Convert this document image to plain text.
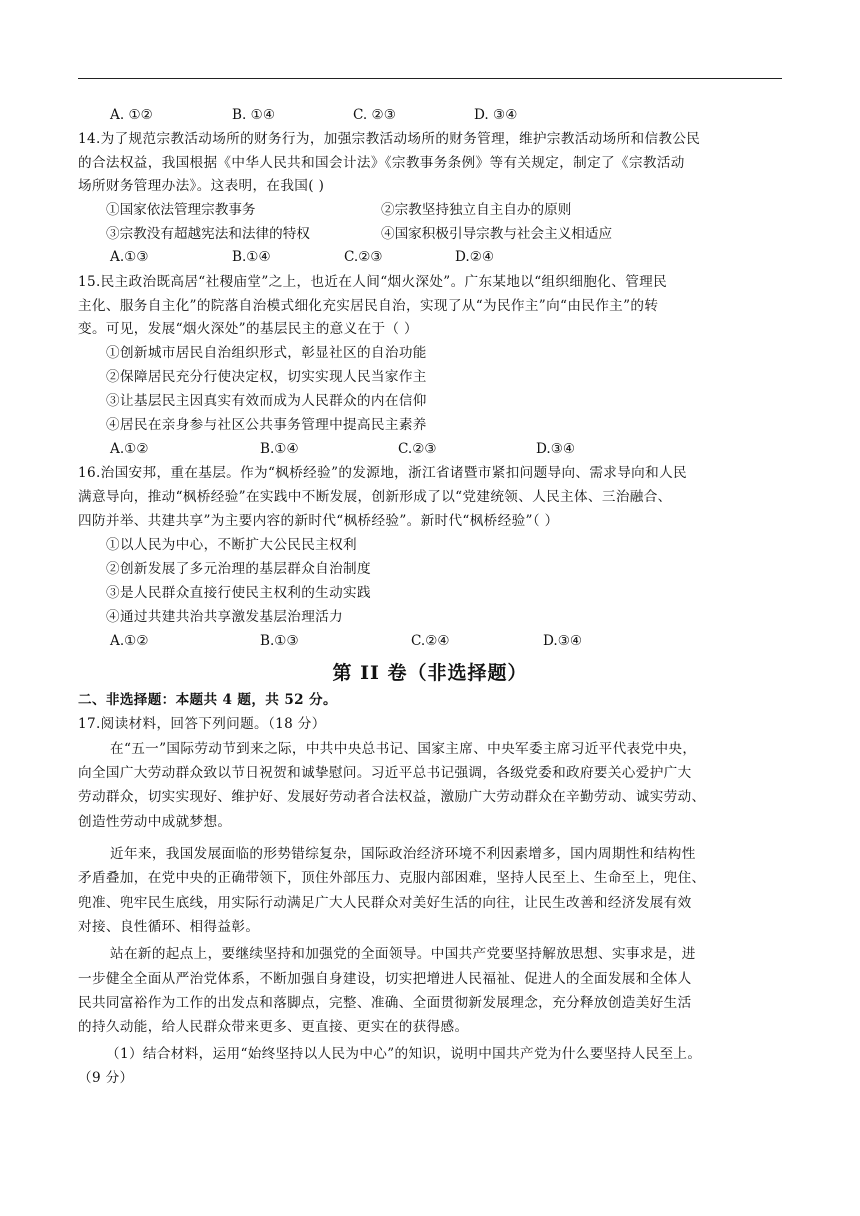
A. ①②	B. ①④	C. ②③	D. ③④
14.为了规范宗教活动场所的财务行为，加强宗教活动场所的财务管理，维护宗教活动场所和信教公民
的合法权益，我国根据《中华人民共和国会计法》《宗教事务条例》等有关规定，制定了《宗教活动
场所财务管理办法》。这表明，在我国( )
①国家依法管理宗教事务	②宗教坚持独立自主自办的原则
③宗教没有超越宪法和法律的特权	④国家积极引导宗教与社会主义相适应
A.①③	B.①④	C.②③	D.②④
15.民主政治既高居“社稷庙堂”之上，也近在人间“烟火深处”。广东某地以“组织细胞化、管理民
主化、服务自主化”的院落自治模式细化充实居民自治，实现了从“为民作主”向“由民作主”的转
变。可见，发展“烟火深处”的基层民主的意义在于（ ）
①创新城市居民自治组织形式，彰显社区的自治功能
②保障居民充分行使决定权，切实实现人民当家作主
③让基层民主因真实有效而成为人民群众的内在信仰
④居民在亲身参与社区公共事务管理中提高民主素养
A.①②	B.①④	C.②③	D.③④
16.治国安邦，重在基层。作为“枫桥经验”的发源地，浙江省诸暨市紧扣问题导向、需求导向和人民
满意导向，推动“枫桥经验”在实践中不断发展，创新形成了以“党建统领、人民主体、三治融合、
四防并举、共建共享”为主要内容的新时代“枫桥经验”。新时代“枫桥经验”（ ）
①以人民为中心，不断扩大公民民主权利
②创新发展了多元治理的基层群众自治制度
③是人民群众直接行使民主权利的生动实践
④通过共建共治共享激发基层治理活力
A.①②	B.①③	C.②④	D.③④
第 II 卷（非选择题）
二、非选择题：本题共 4 题，共 52 分。
17.阅读材料，回答下列问题。（18 分）
在“五一”国际劳动节到来之际，中共中央总书记、国家主席、中央军委主席习近平代表党中央，
向全国广大劳动群众致以节日祝贺和诚挚慰问。习近平总书记强调，各级党委和政府要关心爱护广大
劳动群众，切实实现好、维护好、发展好劳动者合法权益，激励广大劳动群众在辛勤劳动、诚实劳动、
创造性劳动中成就梦想。
近年来，我国发展面临的形势错综复杂，国际政治经济环境不利因素增多，国内周期性和结构性
矛盾叠加，在党中央的正确带领下，顶住外部压力、克服内部困难，坚持人民至上、生命至上，兜住、
兜准、兜牢民生底线，用实际行动满足广大人民群众对美好生活的向往，让民生改善和经济发展有效
对接、良性循环、相得益彰。
站在新的起点上，要继续坚持和加强党的全面领导。中国共产党要坚持解放思想、实事求是，进
一步健全全面从严治党体系，不断加强自身建设，切实把增进人民福祉、促进人的全面发展和全体人
民共同富裕作为工作的出发点和落脚点，完整、准确、全面贯彻新发展理念，充分释放创造美好生活
的持久动能，给人民群众带来更多、更直接、更实在的获得感。
（1）结合材料，运用“始终坚持以人民为中心”的知识，说明中国共产党为什么要坚持人民至上。
（9 分）
